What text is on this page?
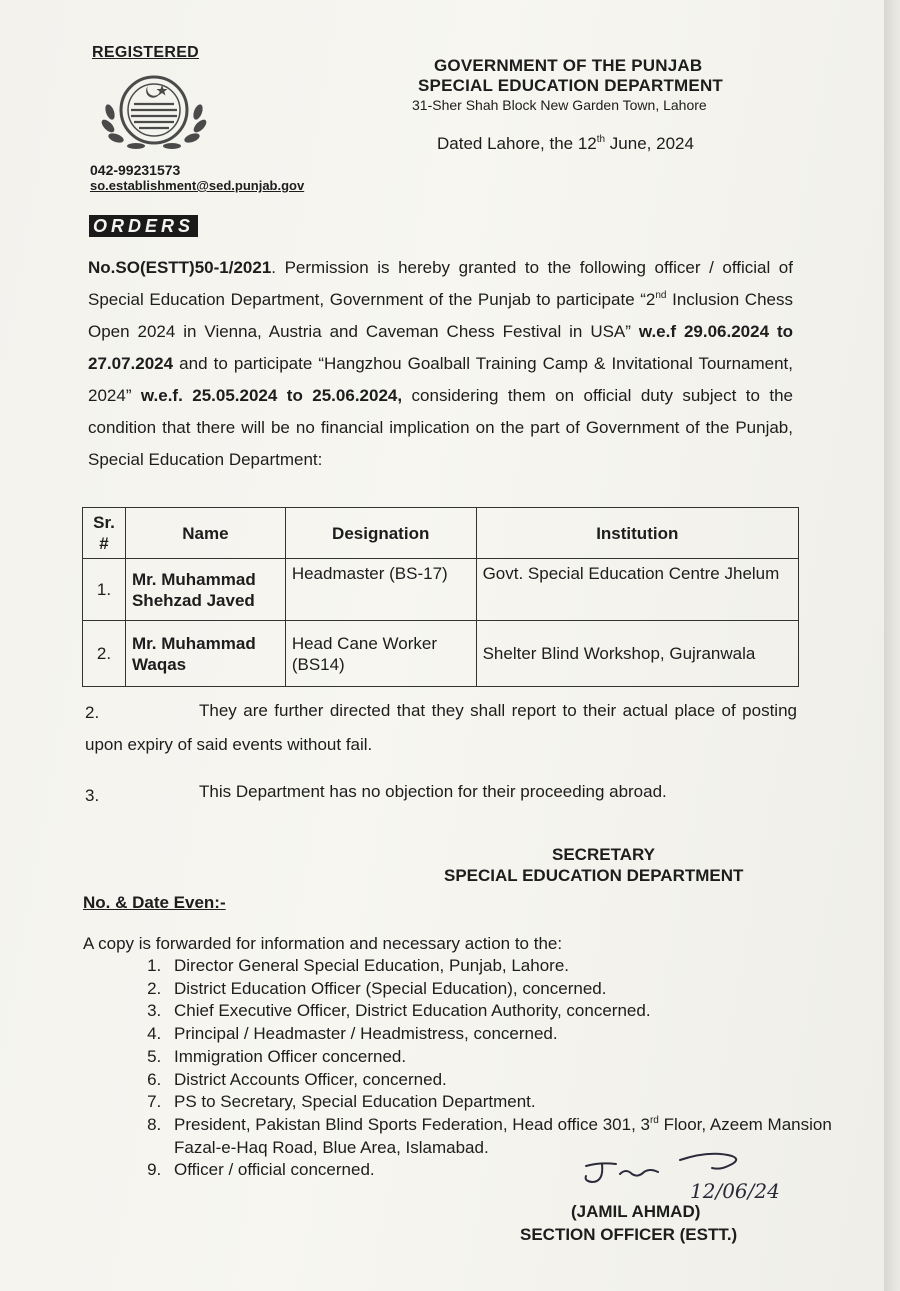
REGISTERED
042-99231573
so.establishment@sed.punjab.gov
GOVERNMENT OF THE PUNJAB
SPECIAL EDUCATION DEPARTMENT
31-Sher Shah Block New Garden Town, Lahore
Dated Lahore, the 12th June, 2024
ORDERS
No.SO(ESTT)50-1/2021. Permission is hereby granted to the following officer / official of Special Education Department, Government of the Punjab to participate “2nd Inclusion Chess Open 2024 in Vienna, Austria and Caveman Chess Festival in USA” w.e.f 29.06.2024 to 27.07.2024 and to participate “Hangzhou Goalball Training Camp & Invitational Tournament, 2024” w.e.f. 25.05.2024 to 25.06.2024, considering them on official duty subject to the condition that there will be no financial implication on the part of Government of the Punjab, Special Education Department:
Sr. #	Name	Designation	Institution
1.	Mr. Muhammad Shehzad Javed	Headmaster (BS-17)	Govt. Special Education Centre Jhelum
2.	Mr. Muhammad Waqas	Head Cane Worker (BS14)	Shelter Blind Workshop, Gujranwala
2.	They are further directed that they shall report to their actual place of posting upon expiry of said events without fail.
3.	This Department has no objection for their proceeding abroad.
SECRETARY
SPECIAL EDUCATION DEPARTMENT
No. & Date Even:-
A copy is forwarded for information and necessary action to the:
1. Director General Special Education, Punjab, Lahore.
2. District Education Officer (Special Education), concerned.
3. Chief Executive Officer, District Education Authority, concerned.
4. Principal / Headmaster / Headmistress, concerned.
5. Immigration Officer concerned.
6. District Accounts Officer, concerned.
7. PS to Secretary, Special Education Department.
8. President, Pakistan Blind Sports Federation, Head office 301, 3rd Floor, Azeem Mansion Fazal-e-Haq Road, Blue Area, Islamabad.
9. Officer / official concerned.
12/06/24
(JAMIL AHMAD)
SECTION OFFICER (ESTT.)
